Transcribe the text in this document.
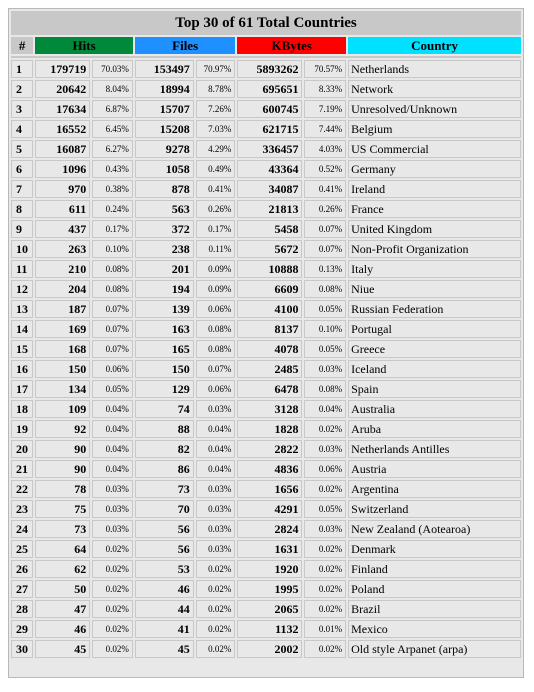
Top 30 of 61 Total Countries							
#	Hits		Files		KBytes		Country

1	179719	70.03%	153497	70.97%	5893262	70.57%	Netherlands
2	20642	8.04%	18994	8.78%	695651	8.33%	Network
3	17634	6.87%	15707	7.26%	600745	7.19%	Unresolved/Unknown
4	16552	6.45%	15208	7.03%	621715	7.44%	Belgium
5	16087	6.27%	9278	4.29%	336457	4.03%	US Commercial
6	1096	0.43%	1058	0.49%	43364	0.52%	Germany
7	970	0.38%	878	0.41%	34087	0.41%	Ireland
8	611	0.24%	563	0.26%	21813	0.26%	France
9	437	0.17%	372	0.17%	5458	0.07%	United Kingdom
10	263	0.10%	238	0.11%	5672	0.07%	Non-Profit Organization
11	210	0.08%	201	0.09%	10888	0.13%	Italy
12	204	0.08%	194	0.09%	6609	0.08%	Niue
13	187	0.07%	139	0.06%	4100	0.05%	Russian Federation
14	169	0.07%	163	0.08%	8137	0.10%	Portugal
15	168	0.07%	165	0.08%	4078	0.05%	Greece
16	150	0.06%	150	0.07%	2485	0.03%	Iceland
17	134	0.05%	129	0.06%	6478	0.08%	Spain
18	109	0.04%	74	0.03%	3128	0.04%	Australia
19	92	0.04%	88	0.04%	1828	0.02%	Aruba
20	90	0.04%	82	0.04%	2822	0.03%	Netherlands Antilles
21	90	0.04%	86	0.04%	4836	0.06%	Austria
22	78	0.03%	73	0.03%	1656	0.02%	Argentina
23	75	0.03%	70	0.03%	4291	0.05%	Switzerland
24	73	0.03%	56	0.03%	2824	0.03%	New Zealand (Aotearoa)
25	64	0.02%	56	0.03%	1631	0.02%	Denmark
26	62	0.02%	53	0.02%	1920	0.02%	Finland
27	50	0.02%	46	0.02%	1995	0.02%	Poland
28	47	0.02%	44	0.02%	2065	0.02%	Brazil
29	46	0.02%	41	0.02%	1132	0.01%	Mexico
30	45	0.02%	45	0.02%	2002	0.02%	Old style Arpanet (arpa)
